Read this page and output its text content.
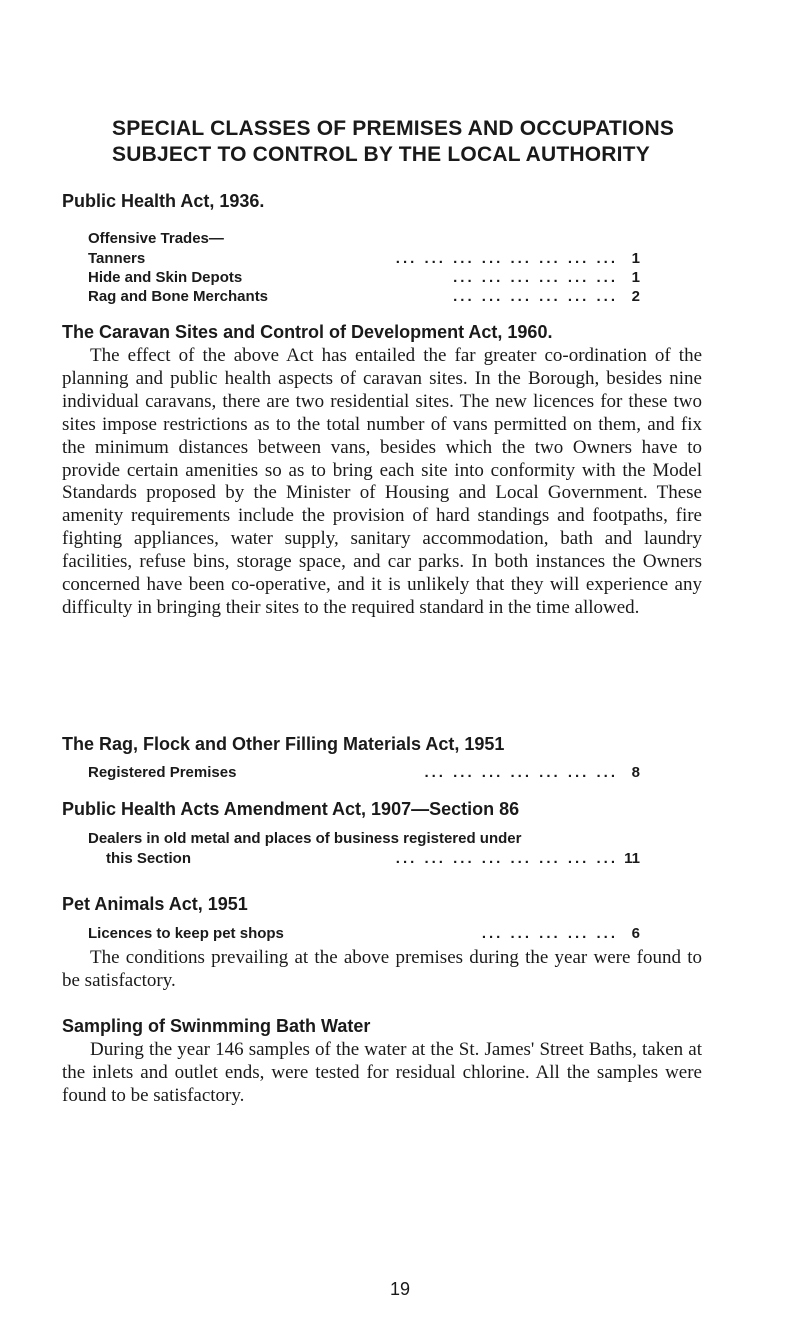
SPECIAL CLASSES OF PREMISES AND OCCUPATIONS
SUBJECT TO CONTROL BY THE LOCAL AUTHORITY
Public Health Act, 1936.
Offensive Trades—
Tanners	... ... ... ... ... ... ... ... 1
Hide and Skin Depots	... ... ... ... ... ... 1
Rag and Bone Merchants	... ... ... ... ... ... 2
The Caravan Sites and Control of Development Act, 1960.
The effect of the above Act has entailed the far greater co-ordination of the planning and public health aspects of caravan sites. In the Borough, besides nine individual caravans, there are two residential sites. The new licences for these two sites impose restrictions as to the total number of vans permitted on them, and fix the minimum distances between vans, besides which the two Owners have to provide certain amenities so as to bring each site into conformity with the Model Standards proposed by the Minister of Housing and Local Government. These amenity requirements include the provision of hard standings and footpaths, fire fighting appliances, water supply, sanitary accommodation, bath and laundry facilities, refuse bins, storage space, and car parks. In both instances the Owners concerned have been co-operative, and it is unlikely that they will experience any difficulty in bringing their sites to the required standard in the time allowed.
The Rag, Flock and Other Filling Materials Act, 1951
Registered Premises	... ... ... ... ... ... ... 8
Public Health Acts Amendment Act, 1907—Section 86
Dealers in old metal and places of business registered under
this Section	... ... ... ... ... ... ... ... 11
Pet Animals Act, 1951
Licences to keep pet shops	... ... ... ... ... 6
The conditions prevailing at the above premises during the year were found to be satisfactory.
Sampling of Swinmming Bath Water
During the year 146 samples of the water at the St. James' Street Baths, taken at the inlets and outlet ends, were tested for residual chlorine. All the samples were found to be satisfactory.
19
